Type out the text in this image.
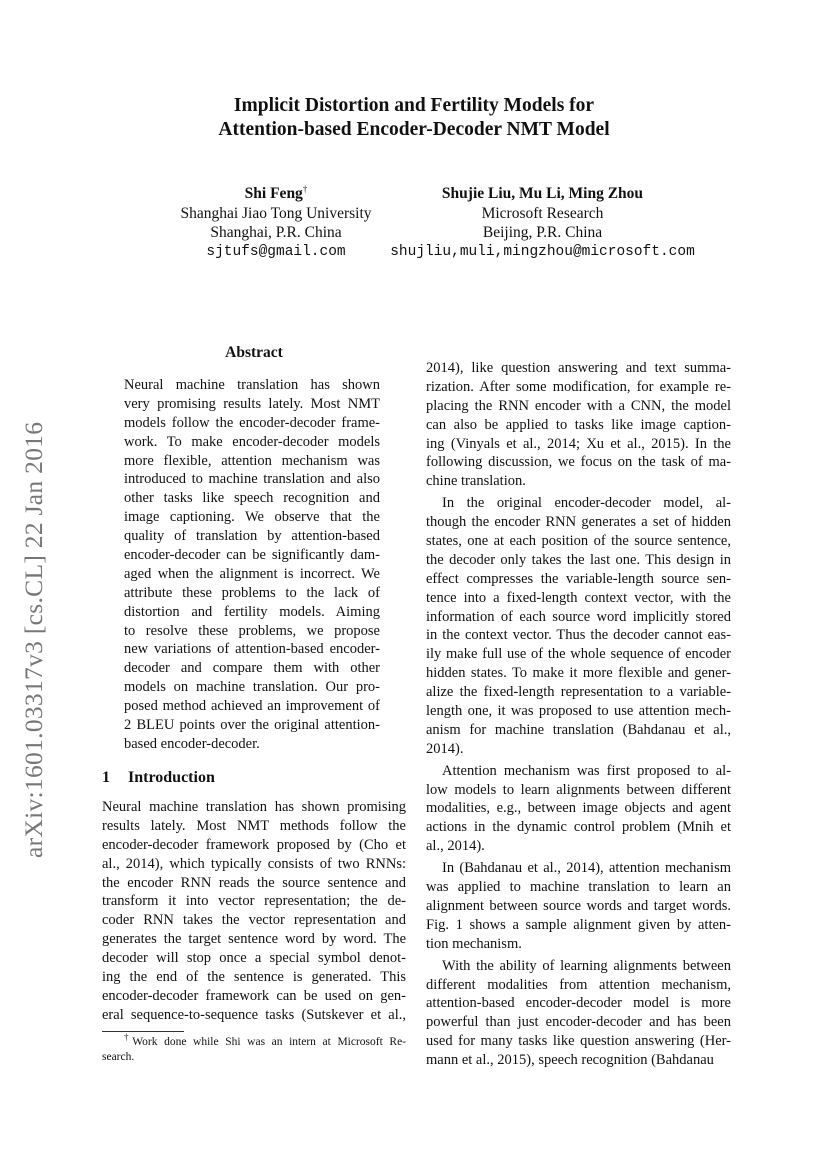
Implicit Distortion and Fertility Models for
Attention-based Encoder-Decoder NMT Model
Shi Feng†
Shanghai Jiao Tong University
Shanghai, P.R. China
sjtufs@gmail.com
Shujie Liu, Mu Li, Ming Zhou
Microsoft Research
Beijing, P.R. China
shujliu,muli,mingzhou@microsoft.com
arXiv:1601.03317v3 [cs.CL] 22 Jan 2016
Abstract
Neural machine translation has shown
very promising results lately. Most NMT
models follow the encoder-decoder frame-
work. To make encoder-decoder models
more flexible, attention mechanism was
introduced to machine translation and also
other tasks like speech recognition and
image captioning. We observe that the
quality of translation by attention-based
encoder-decoder can be significantly dam-
aged when the alignment is incorrect. We
attribute these problems to the lack of
distortion and fertility models. Aiming
to resolve these problems, we propose
new variations of attention-based encoder-
decoder and compare them with other
models on machine translation. Our pro-
posed method achieved an improvement of
2 BLEU points over the original attention-
based encoder-decoder.
1 Introduction
Neural machine translation has shown promising
results lately. Most NMT methods follow the
encoder-decoder framework proposed by (Cho et
al., 2014), which typically consists of two RNNs:
the encoder RNN reads the source sentence and
transform it into vector representation; the de-
coder RNN takes the vector representation and
generates the target sentence word by word. The
decoder will stop once a special symbol denot-
ing the end of the sentence is generated. This
encoder-decoder framework can be used on gen-
eral sequence-to-sequence tasks (Sutskever et al.,
†Work done while Shi was an intern at Microsoft Re-
search.
2014), like question answering and text summa-
rization. After some modification, for example re-
placing the RNN encoder with a CNN, the model
can also be applied to tasks like image caption-
ing (Vinyals et al., 2014; Xu et al., 2015). In the
following discussion, we focus on the task of ma-
chine translation.
In the original encoder-decoder model, al-
though the encoder RNN generates a set of hidden
states, one at each position of the source sentence,
the decoder only takes the last one. This design in
effect compresses the variable-length source sen-
tence into a fixed-length context vector, with the
information of each source word implicitly stored
in the context vector. Thus the decoder cannot eas-
ily make full use of the whole sequence of encoder
hidden states. To make it more flexible and gener-
alize the fixed-length representation to a variable-
length one, it was proposed to use attention mech-
anism for machine translation (Bahdanau et al.,
2014).
Attention mechanism was first proposed to al-
low models to learn alignments between different
modalities, e.g., between image objects and agent
actions in the dynamic control problem (Mnih et
al., 2014).
In (Bahdanau et al., 2014), attention mechanism
was applied to machine translation to learn an
alignment between source words and target words.
Fig. 1 shows a sample alignment given by atten-
tion mechanism.
With the ability of learning alignments between
different modalities from attention mechanism,
attention-based encoder-decoder model is more
powerful than just encoder-decoder and has been
used for many tasks like question answering (Her-
mann et al., 2015), speech recognition (Bahdanau
